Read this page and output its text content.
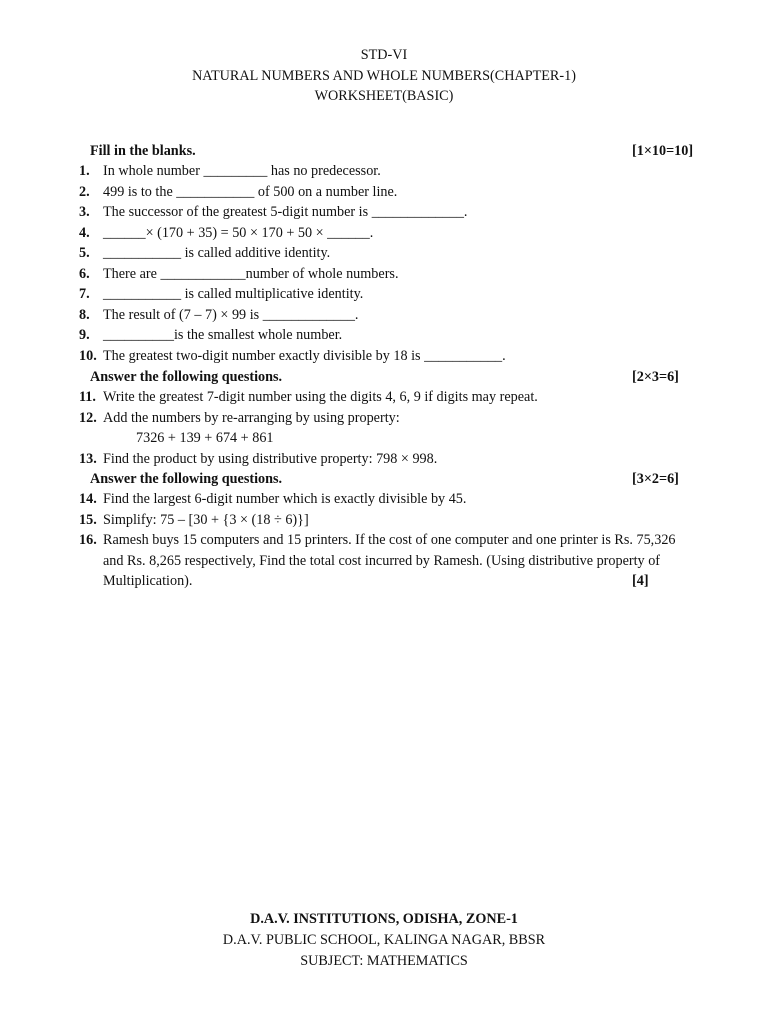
STD-VI
NATURAL NUMBERS AND WHOLE NUMBERS(CHAPTER-1)
WORKSHEET(BASIC)
Fill in the blanks.	[1×10=10]
1. In whole number _________ has no predecessor.
2. 499 is to the ___________ of 500 on a number line.
3. The successor of the greatest 5-digit number is _____________.
4. ______× (170 + 35) = 50 × 170 + 50 × ______.
5. ___________ is called additive identity.
6. There are ____________number of whole numbers.
7. ___________ is called multiplicative identity.
8. The result of (7 – 7) × 99 is _____________.
9. __________is the smallest whole number.
10. The greatest two-digit number exactly divisible by 18 is ___________.
Answer the following questions.	[2×3=6]
11. Write the greatest 7-digit number using the digits 4, 6, 9 if digits may repeat.
12. Add the numbers by re-arranging by using property:
7326 + 139 + 674 + 861
13. Find the product by using distributive property: 798 × 998.
Answer the following questions.	[3×2=6]
14. Find the largest 6-digit number which is exactly divisible by 45.
15. Simplify: 75 – [30 + {3 × (18 ÷ 6)}]
16. Ramesh buys 15 computers and 15 printers. If the cost of one computer and one printer is Rs. 75,326
and Rs. 8,265 respectively, Find the total cost incurred by Ramesh. (Using distributive property of
Multiplication).	[4]
D.A.V. INSTITUTIONS, ODISHA, ZONE-1
D.A.V. PUBLIC SCHOOL, KALINGA NAGAR, BBSR
SUBJECT: MATHEMATICS
